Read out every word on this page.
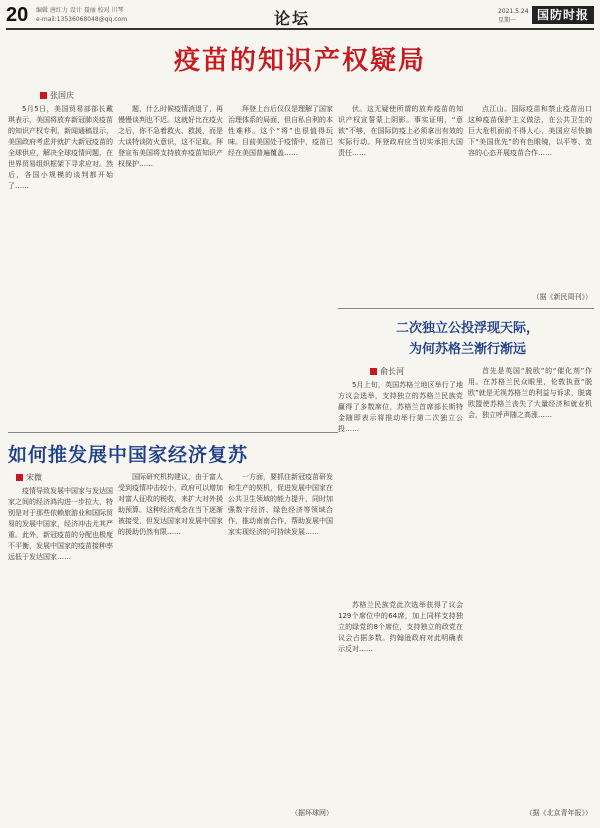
20 编辑 唐红力 设计 聂丽 校对 川琴
e-mail:13536068048@qq.com	论坛	2021.5.24
星期一	国防时报
疫苗的知识产权疑局
张国庆

5月5日，美国贸易部部长戴琪表示，美国将放弃新冠肺炎疫苗的知识产权专利，新闻通稿显示，美国政府考虑并就扩大新冠疫苗的全球供应，解决全球疫情问题，在世界贸易组织框架下寻求应对。然后，各国小规模的谈判都开始了……

题，什么时候疫情消退了，再慢慢谈判也不迟。这就好比在疫火之后，你不急着救火、救援，而是大谈特谈防火意识，这不足取。拜登宣布美国将支持放弃疫苗知识产权保护……

拜登上台后仅仅是理解了国家治理体系的局面，但自私自利的本性难移。这个“将”也很值得玩味。目前美国处于疫情中，疫苗已经在美国普遍覆盖……

伏。这无疑使所谓的放弃疫苗的知识产权宣誓蒙上阴影。事实证明，“意欲”不够，在国际防疫上必须拿出有效的实际行动。拜登政府应当切实承担大国责任……

点江山。国际疫苗和禁止疫苗出口这种疫苗保护主义做法，在公共卫生的巨大危机面前不得人心，美国应尽快摘下“美国优先”的有色眼镜，以平等、宽容的心态开展疫苗合作……

（据《新民周刊》）
如何推发展中国家经济复苏
宋微

疫情导致发展中国家与发达国家之间的经济鸿沟进一步拉大，特别是对于那些依赖旅游业和国际贸易的发展中国家，经济冲击尤其严重。此外，新冠疫苗的分配也极度不平衡，发展中国家的疫苗接种率远低于发达国家……

国际研究机构建议，由于富人受到疫情冲击较小，政府可以增加对富人征收的税收，来扩大对外援助预算。这种经济观念在当下逐渐被接受，但发达国家对发展中国家的援助仍然有限……

一方面，要抓住新冠疫苗研发和生产的契机，促进发展中国家在公共卫生领域的能力提升，同时加强数字经济、绿色经济等领域合作，推动南南合作，帮助发展中国家实现经济的可持续发展……

（据环球网）
二次独立公投浮现天际，
为何苏格兰渐行渐远
俞长河

5月上旬，英国苏格兰地区举行了地方议会选举，支持独立的苏格兰民族党赢得了多数席位，苏格兰首席部长斯特金随即表示将推动举行第二次独立公投……

首先是英国“脱欧”的“催化剂”作用。在苏格兰民众眼里，伦敦执意“脱欧”就是无视苏格兰的利益与诉求，脱离欧盟使苏格兰丧失了大量经济和就业机会，独立呼声随之高涨……

（据《北京青年报》）

苏格兰民族党此次选举获得了议会129个席位中的64席，加上同样支持独立的绿党的8个席位，支持独立的政党在议会占据多数。约翰逊政府对此明确表示反对……
